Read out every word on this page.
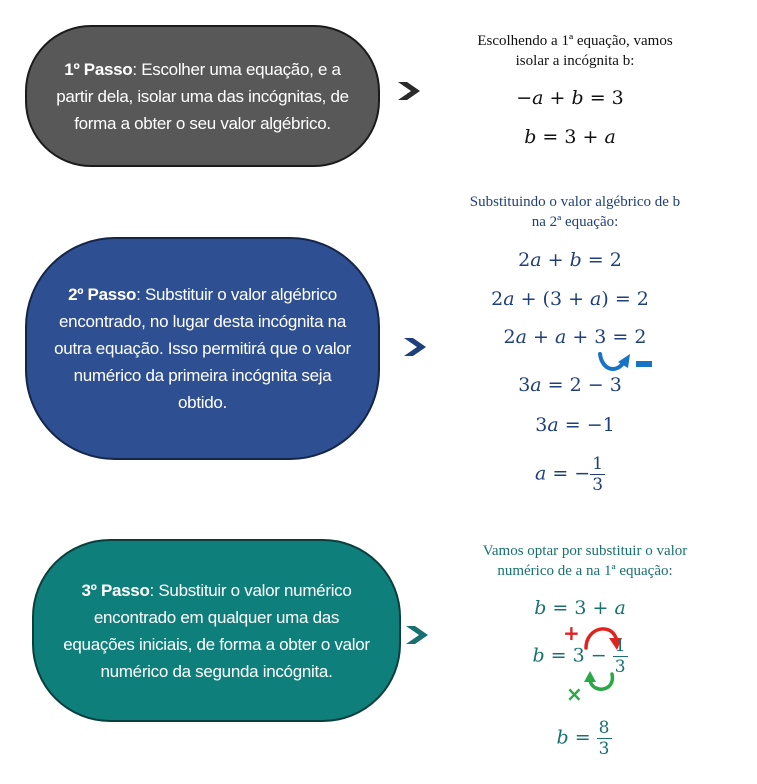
1º Passo: Escolher uma equação, e a partir dela, isolar uma das incógnitas, de forma a obter o seu valor algébrico.
2º Passo: Substituir o valor algébrico encontrado, no lugar desta incógnita na outra equação. Isso permitirá que o valor numérico da primeira incógnita seja obtido.
3º Passo: Substituir o valor numérico encontrado em qualquer uma das equações iniciais, de forma a obter o valor numérico da segunda incógnita.
Escolhendo a 1ª equação, vamos
isolar a incógnita b:
−a + b = 3
b = 3 + a
Substituindo o valor algébrico de b
na 2ª equação:
2a + b = 2
2a + (3 + a) = 2
2a + a + 3 = 2
3a = 2 − 3
3a = −1
a = − $\frac{1}{3}$
Vamos optar por substituir o valor
numérico de a na 1ª equação:
b = 3 + a
+
$b = 3 - \frac{1}{3}$
×
$b = \frac{8}{3}$
